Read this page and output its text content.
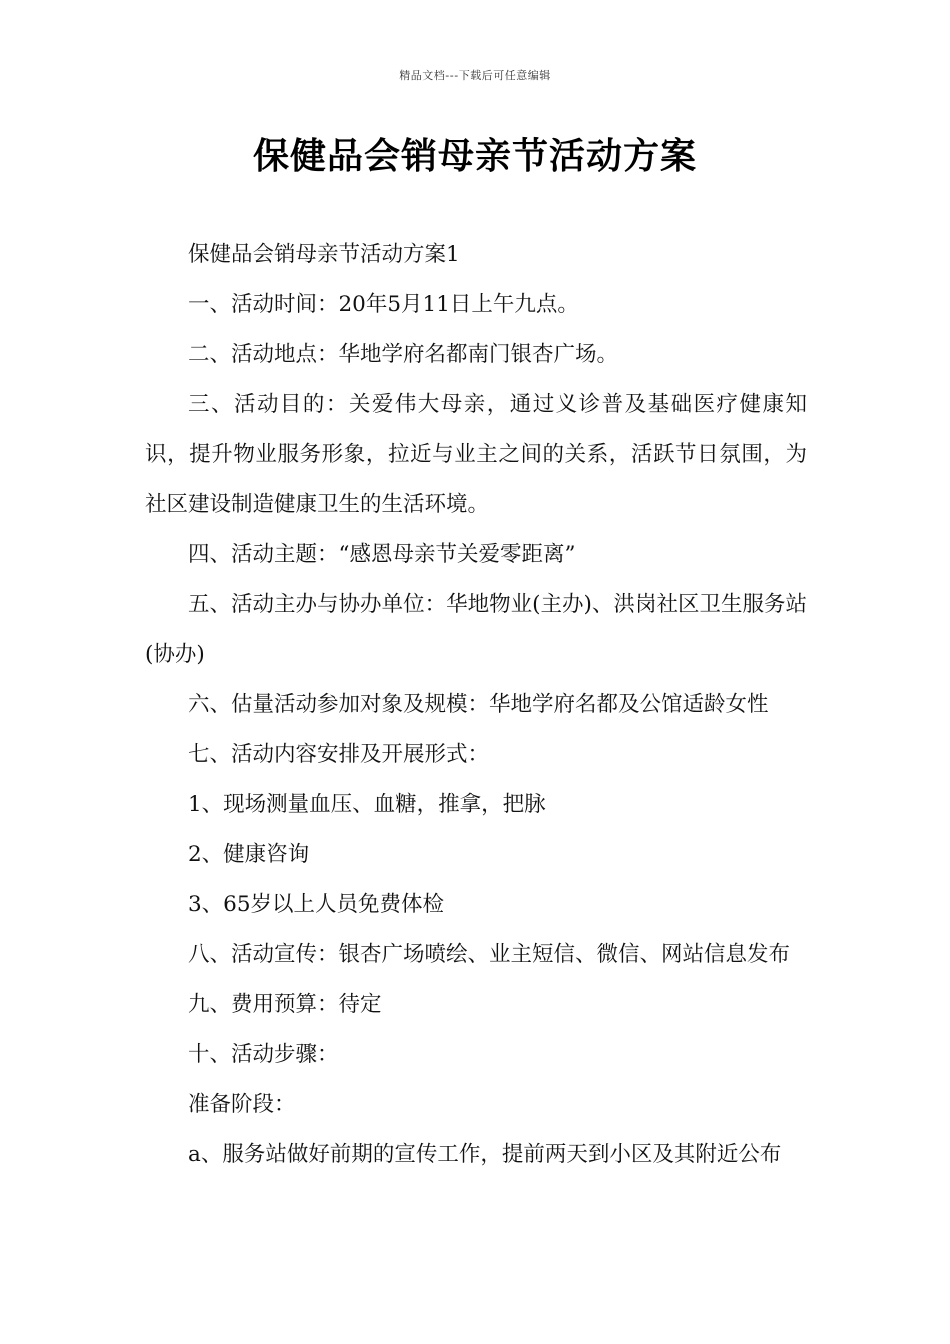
精品文档---下载后可任意编辑
保健品会销母亲节活动方案

保健品会销母亲节活动方案1

一、活动时间：20年5月11日上午九点。

二、活动地点：华地学府名都南门银杏广场。

三、活动目的：关爱伟大母亲，通过义诊普及基础医疗健康知识，提升物业服务形象，拉近与业主之间的关系，活跃节日氛围，为社区建设制造健康卫生的生活环境。

四、活动主题：“感恩母亲节关爱零距离”

五、活动主办与协办单位：华地物业(主办)、洪岗社区卫生服务站(协办)

六、估量活动参加对象及规模：华地学府名都及公馆适龄女性

七、活动内容安排及开展形式：

1、现场测量血压、血糖，推拿，把脉

2、健康咨询

3、65岁以上人员免费体检

八、活动宣传：银杏广场喷绘、业主短信、微信、网站信息发布

九、费用预算：待定

十、活动步骤：

准备阶段：

a、服务站做好前期的宣传工作，提前两天到小区及其附近公布
